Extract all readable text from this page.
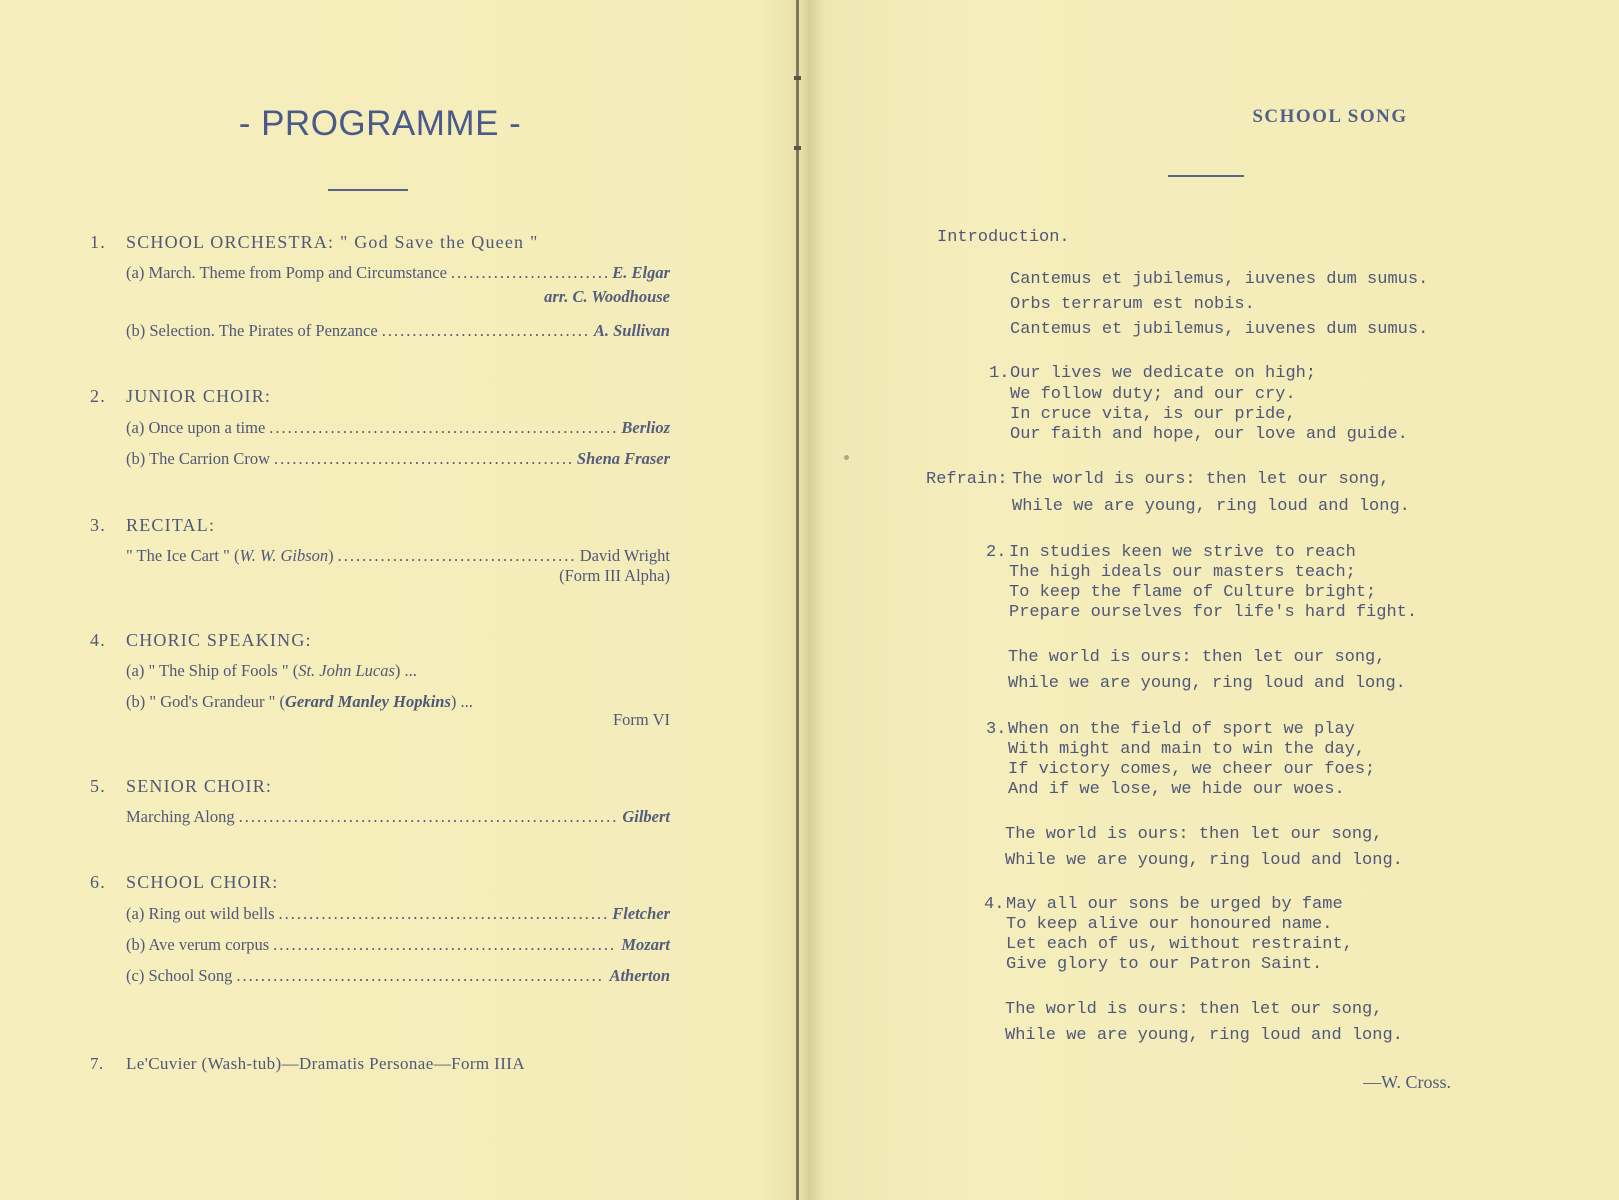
- PROGRAMME -
1. SCHOOL ORCHESTRA: " God Save the Queen "
(a) March. Theme from Pomp and Circumstance .....	E. Elgar
arr. C. Woodhouse
(b) Selection. The Pirates of Penzance .....	A. Sullivan
2. JUNIOR CHOIR:
(a) Once upon a time .....	Berlioz
(b) The Carrion Crow .....	Shena Fraser
3. RECITAL:
" The Ice Cart " (W. W. Gibson) .....	David Wright
(Form III Alpha)
4. CHORIC SPEAKING:
(a) " The Ship of Fools " (St. John Lucas) ...
(b) " God's Grandeur " (Gerard Manley Hopkins) ...
Form VI
5. SENIOR CHOIR:
Marching Along .....	Gilbert
6. SCHOOL CHOIR:
(a) Ring out wild bells .....	Fletcher
(b) Ave verum corpus .....	Mozart
(c) School Song .....	Atherton
7. Le'Cuvier (Wash-tub)—Dramatis Personae—Form IIIA
SCHOOL SONG
Introduction.
Cantemus et jubilemus, iuvenes dum sumus.
Orbs terrarum est nobis.
Cantemus et jubilemus, iuvenes dum sumus.
1. Our lives we dedicate on high;
We follow duty; and our cry.
In cruce vita, is our pride,
Our faith and hope, our love and guide.
Refrain: The world is ours: then let our song,
While we are young, ring loud and long.
2. In studies keen we strive to reach
The high ideals our masters teach;
To keep the flame of Culture bright;
Prepare ourselves for life's hard fight.
The world is ours: then let our song,
While we are young, ring loud and long.
3. When on the field of sport we play
With might and main to win the day,
If victory comes, we cheer our foes;
And if we lose, we hide our woes.
The world is ours: then let our song,
While we are young, ring loud and long.
4. May all our sons be urged by fame
To keep alive our honoured name.
Let each of us, without restraint,
Give glory to our Patron Saint.
The world is ours: then let our song,
While we are young, ring loud and long.
—W. Cross.
